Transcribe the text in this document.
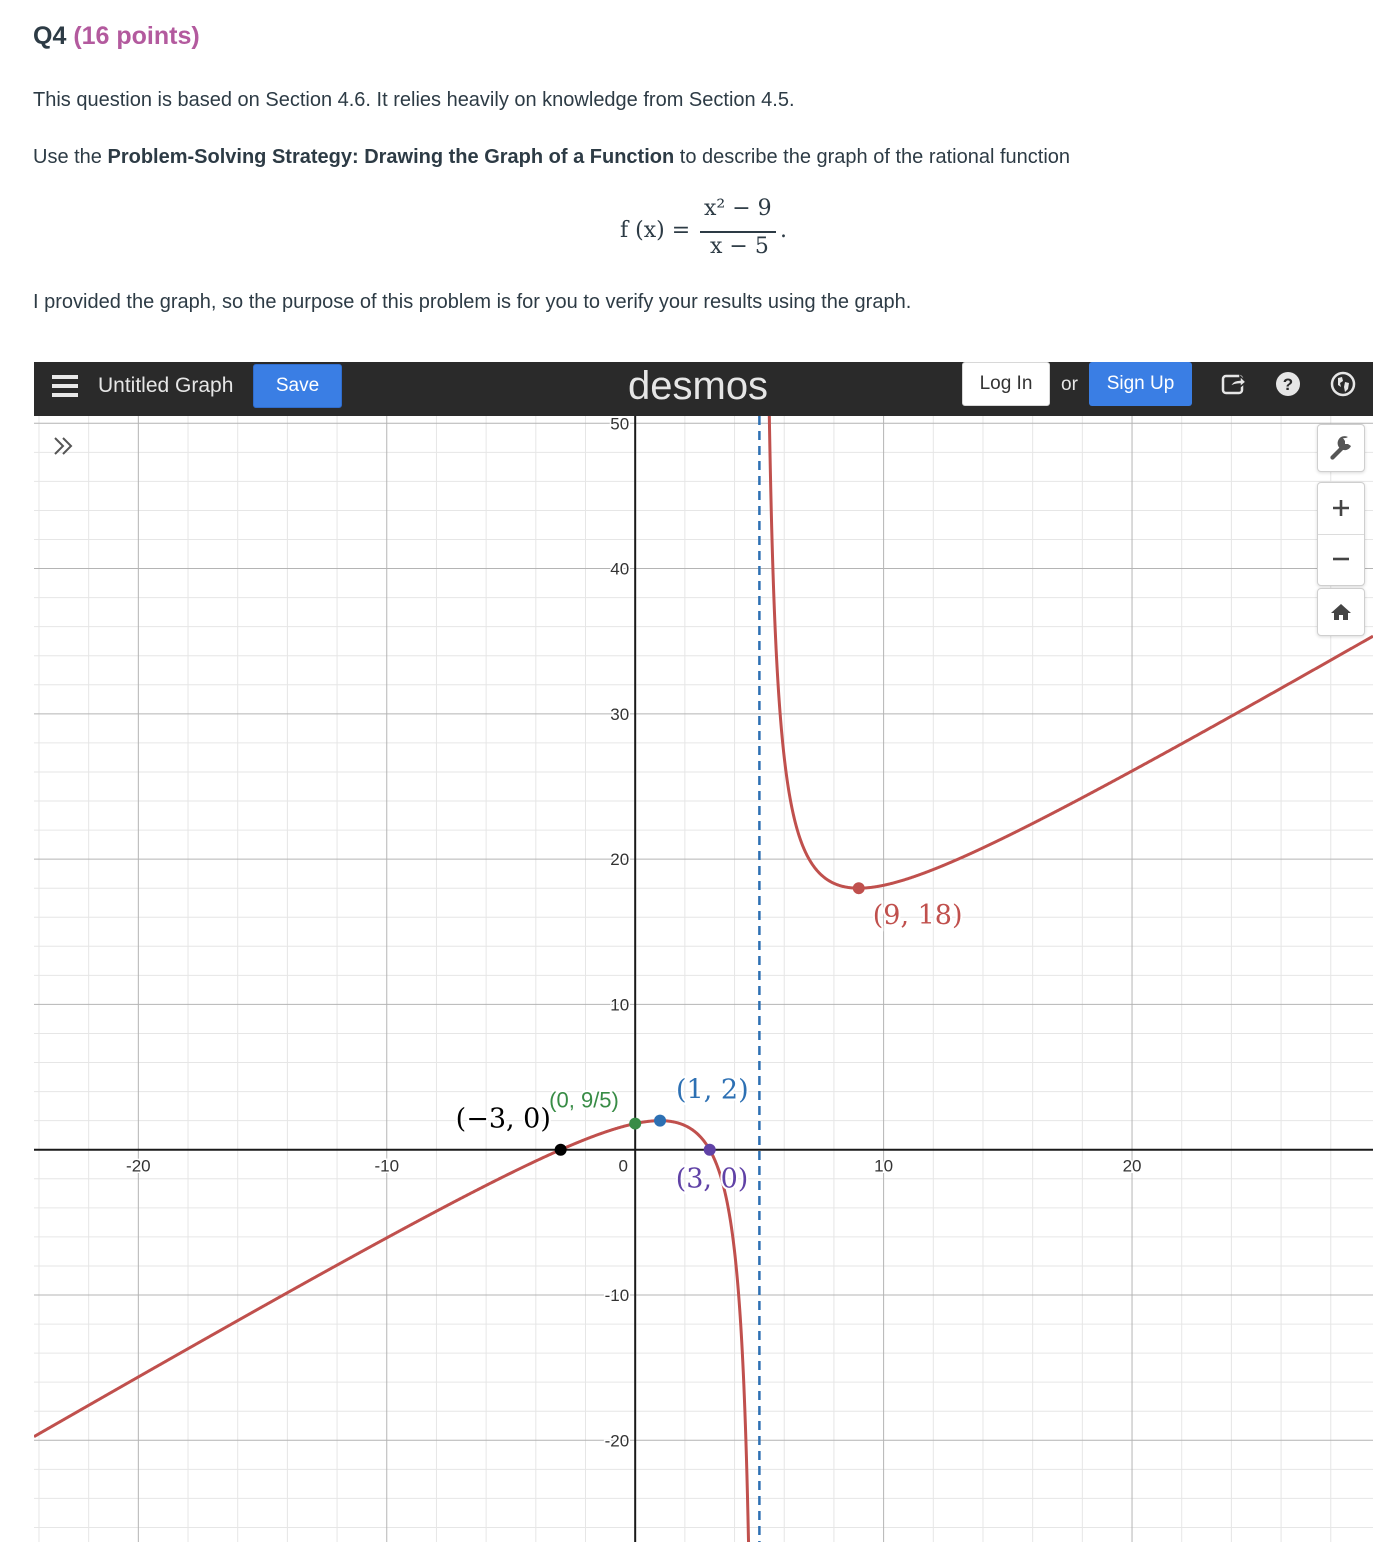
Q4 (16 points)
This question is based on Section 4.6. It relies heavily on knowledge from Section 4.5.
Use the Problem-Solving Strategy: Drawing the Graph of a Function to describe the graph of the rational function
f (x) =
x² − 9
x − 5
.
I provided the graph, so the purpose of this problem is for you to verify your results using the graph.
Untitled Graph	Save	desmos	Log In	or	Sign Up	?
-20	-10	0	10	20
-20
-10
10
20
30
40
50
(−3, 0)
(0, 9/5) (1, 2)
(3, 0)
(9, 18)
